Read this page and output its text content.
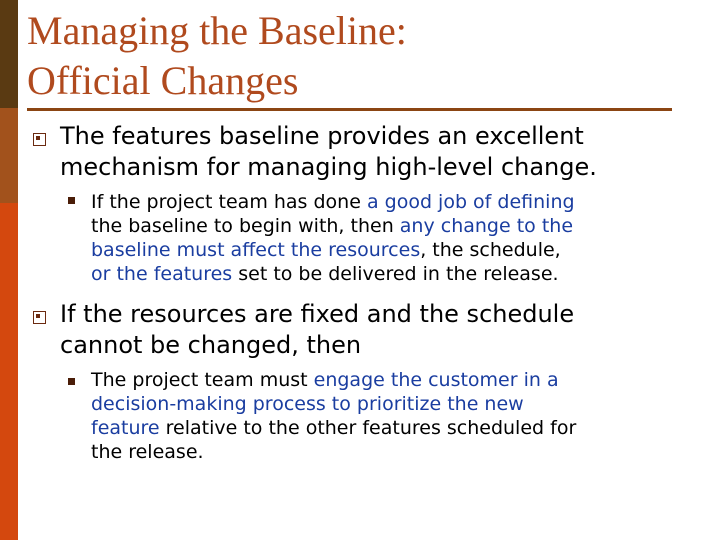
Managing the Baseline:
Official Changes
The features baseline provides an excellent
mechanism for managing high-level change.
If the project team has done a good job of defining
the baseline to begin with, then any change to the
baseline must affect the resources, the schedule,
or the features set to be delivered in the release.
If the resources are fixed and the schedule
cannot be changed, then
The project team must engage the customer in a
decision-making process to prioritize the new
feature relative to the other features scheduled for
the release.
